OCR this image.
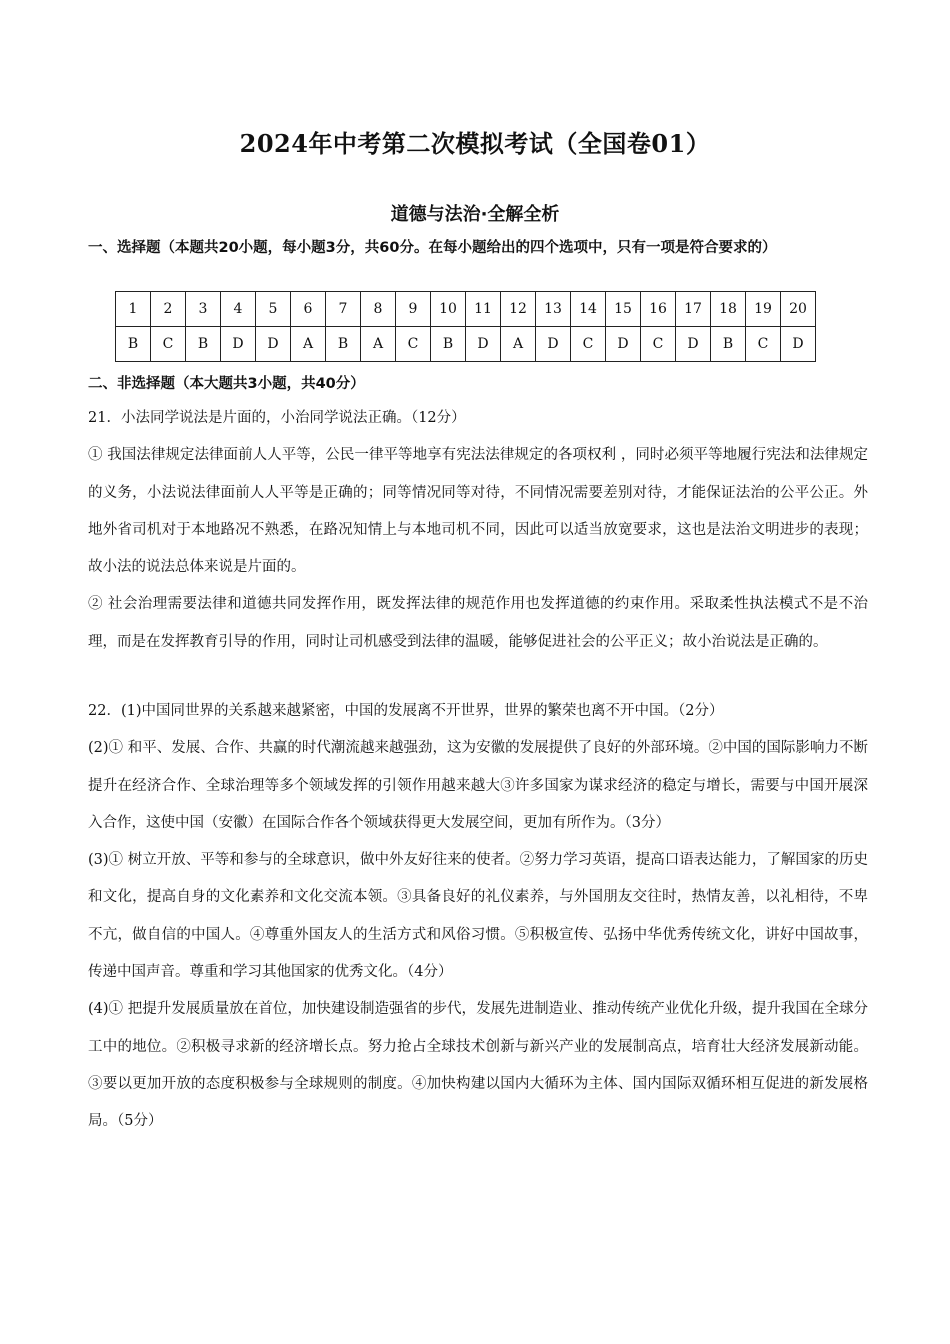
2024年中考第二次模拟考试（全国卷01）
道德与法治·全解全析
一、选择题（本题共20小题，每小题3分，共60分。在每小题给出的四个选项中，只有一项是符合要求的）
1	2	3	4	5	6	7	8	9	10	11	12	13	14	15	16	17	18	19	20
B	C	B	D	D	A	B	A	C	B	D	A	D	C	D	C	D	B	C	D
二、非选择题（本大题共3小题，共40分）

21．小法同学说法是片面的，小治同学说法正确。（12分）

① 我国法律规定法律面前人人平等，公民一律平等地享有宪法法律规定的各项权利 ，同时必须平等地履行宪法和法律规定的义务，小法说法律面前人人平等是正确的；同等情况同等对待，不同情况需要差别对待，才能保证法治的公平公正。外地外省司机对于本地路况不熟悉，在路况知情上与本地司机不同，因此可以适当放宽要求，这也是法治文明进步的表现；故小法的说法总体来说是片面的。

② 社会治理需要法律和道德共同发挥作用，既发挥法律的规范作用也发挥道德的约束作用。采取柔性执法模式不是不治理，而是在发挥教育引导的作用，同时让司机感受到法律的温暖，能够促进社会的公平正义；故小治说法是正确的。

22．(1)中国同世界的关系越来越紧密，中国的发展离不开世界，世界的繁荣也离不开中国。（2分）

(2)① 和平、发展、合作、共赢的时代潮流越来越强劲，这为安徽的发展提供了良好的外部环境。②中国的国际影响力不断提升在经济合作、全球治理等多个领域发挥的引领作用越来越大③许多国家为谋求经济的稳定与增长，需要与中国开展深入合作，这使中国（安徽）在国际合作各个领域获得更大发展空间，更加有所作为。（3分）

(3)① 树立开放、平等和参与的全球意识，做中外友好往来的使者。②努力学习英语，提高口语表达能力，了解国家的历史和文化，提高自身的文化素养和文化交流本领。③具备良好的礼仪素养，与外国朋友交往时，热情友善，以礼相待，不卑不亢，做自信的中国人。④尊重外国友人的生活方式和风俗习惯。⑤积极宣传、弘扬中华优秀传统文化，讲好中国故事，传递中国声音。尊重和学习其他国家的优秀文化。（4分）

(4)① 把提升发展质量放在首位，加快建设制造强省的步代，发展先进制造业、推动传统产业优化升级，提升我国在全球分工中的地位。②积极寻求新的经济增长点。努力抢占全球技术创新与新兴产业的发展制高点，培育壮大经济发展新动能。③要以更加开放的态度积极参与全球规则的制度。④加快构建以国内大循环为主体、国内国际双循环相互促进的新发展格局。（5分）
